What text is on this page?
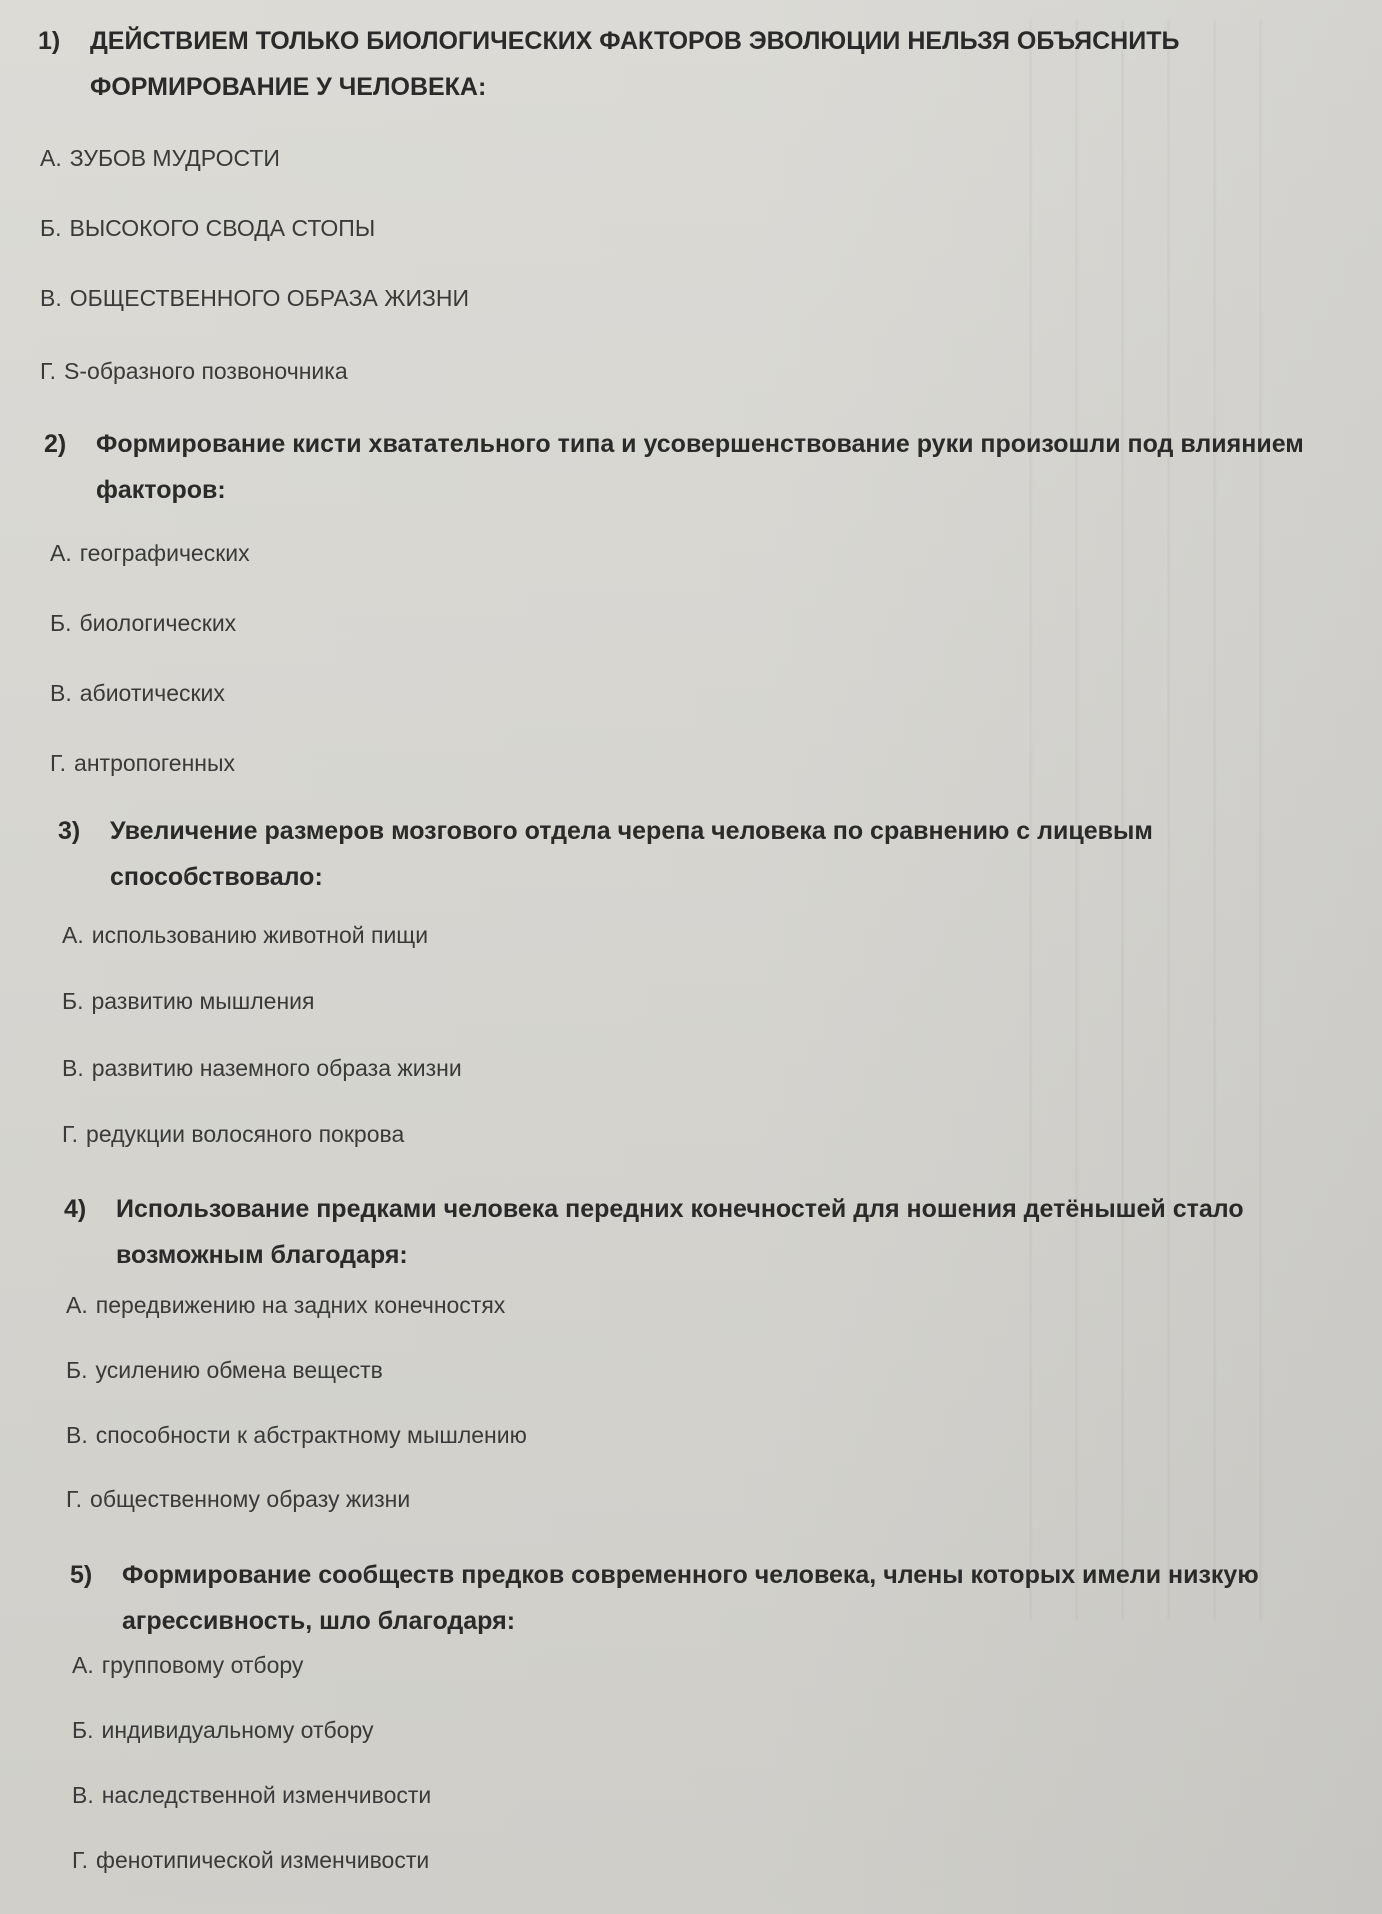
1) ДЕЙСТВИЕМ ТОЛЬКО БИОЛОГИЧЕСКИХ ФАКТОРОВ ЭВОЛЮЦИИ НЕЛЬЗЯ ОБЪЯСНИТЬ
ФОРМИРОВАНИЕ У ЧЕЛОВЕКА:
А. ЗУБОВ МУДРОСТИ
Б. ВЫСОКОГО СВОДА СТОПЫ
В. ОБЩЕСТВЕННОГО ОБРАЗА ЖИЗНИ
Г. S-образного позвоночника
2) Формирование кисти хватательного типа и усовершенствование руки произошли под влиянием
факторов:
А. географических
Б. биологических
В. абиотических
Г. антропогенных
3) Увеличение размеров мозгового отдела черепа человека по сравнению с лицевым
способствовало:
А. использованию животной пищи
Б. развитию мышления
В. развитию наземного образа жизни
Г. редукции волосяного покрова
4) Использование предками человека передних конечностей для ношения детёнышей стало
возможным благодаря:
А. передвижению на задних конечностях
Б. усилению обмена веществ
В. способности к абстрактному мышлению
Г. общественному образу жизни
5) Формирование сообществ предков современного человека, члены которых имели низкую
агрессивность, шло благодаря:
А. групповому отбору
Б. индивидуальному отбору
В. наследственной изменчивости
Г. фенотипической изменчивости
